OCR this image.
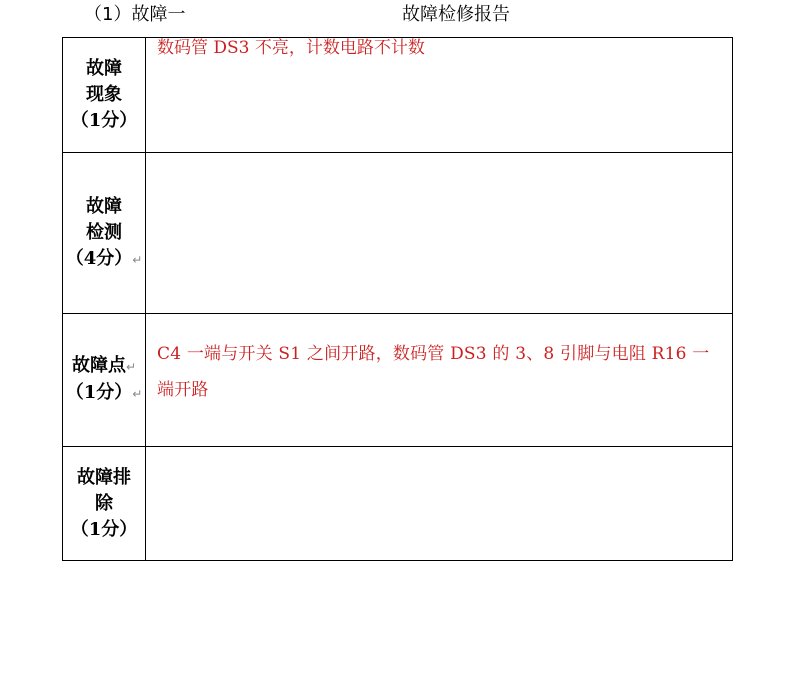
（1）故障一	故障检修报告
故障
现象
（1分）	数码管 DS3 不亮，计数电路不计数

故障
检测
（4分）↵	

故障点↵
（1分）↵	C4 一端与开关 S1 之间开路，数码管 DS3 的 3、8 引脚与电阻 R16 一端开路

故障排
除
（1分）	
